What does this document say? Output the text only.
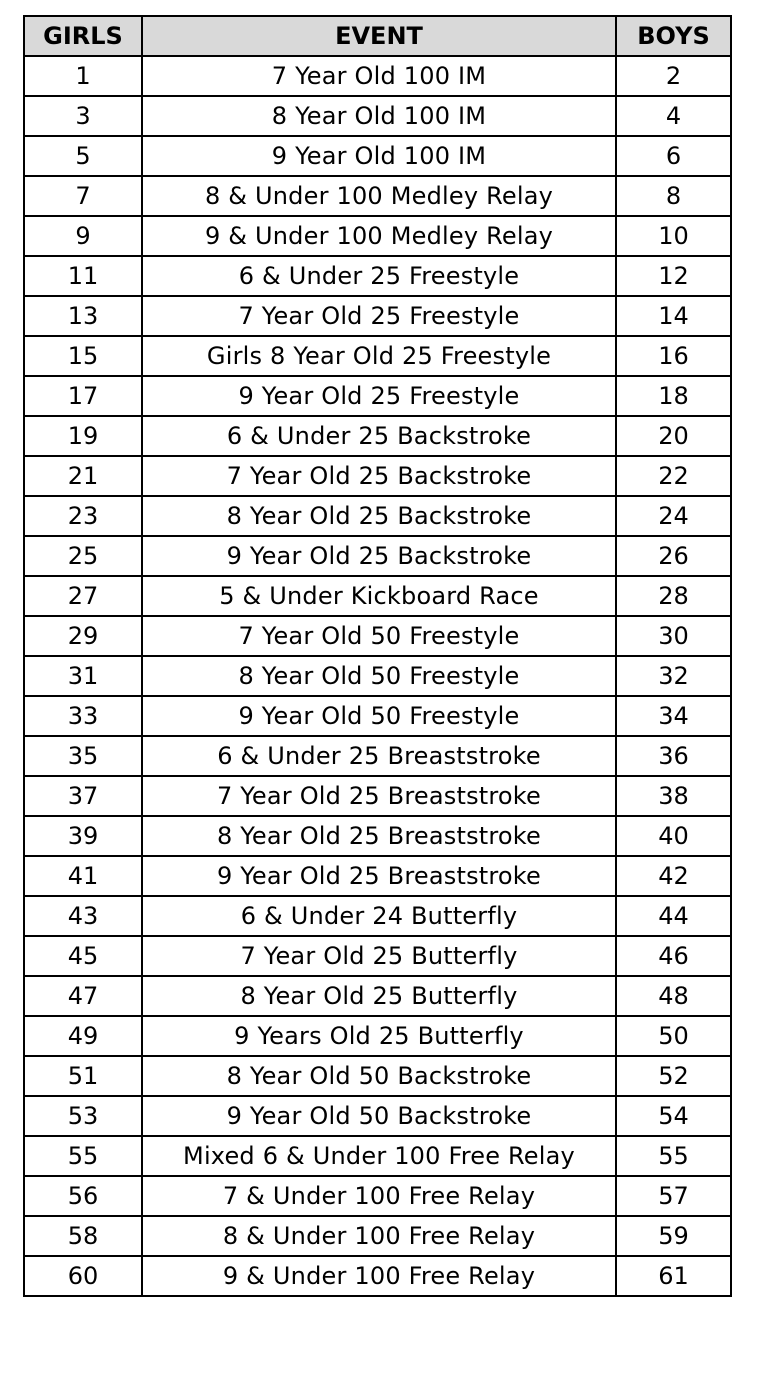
GIRLS	EVENT	BOYS
1	7 Year Old 100 IM	2
3	8 Year Old 100 IM	4
5	9 Year Old 100 IM	6
7	8 & Under 100 Medley Relay	8
9	9 & Under 100 Medley Relay	10
11	6 & Under 25 Freestyle	12
13	7 Year Old 25 Freestyle	14
15	Girls 8 Year Old 25 Freestyle	16
17	9 Year Old 25 Freestyle	18
19	6 & Under 25 Backstroke	20
21	7 Year Old 25 Backstroke	22
23	8 Year Old 25 Backstroke	24
25	9 Year Old 25 Backstroke	26
27	5 & Under Kickboard Race	28
29	7 Year Old 50 Freestyle	30
31	8 Year Old 50 Freestyle	32
33	9 Year Old 50 Freestyle	34
35	6 & Under 25 Breaststroke	36
37	7 Year Old 25 Breaststroke	38
39	8 Year Old 25 Breaststroke	40
41	9 Year Old 25 Breaststroke	42
43	6 & Under 24 Butterfly	44
45	7 Year Old 25 Butterfly	46
47	8 Year Old 25 Butterfly	48
49	9 Years Old 25 Butterfly	50
51	8 Year Old 50 Backstroke	52
53	9 Year Old 50 Backstroke	54
55	Mixed 6 & Under 100 Free Relay	55
56	7 & Under 100 Free Relay	57
58	8 & Under 100 Free Relay	59
60	9 & Under 100 Free Relay	61
